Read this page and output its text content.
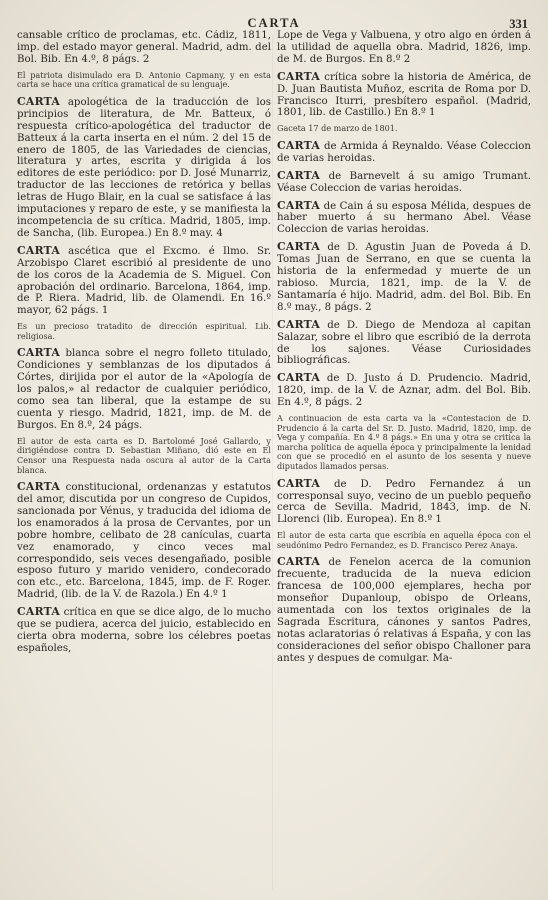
CARTA	331

cansable crítico de proclamas, etc. Cádiz, 1811, imp. del estado mayor general. Madrid, adm. del Bol. Bib. En 4.º, 8 págs. 2

El patriota disimulado era D. Antonio Capmany, y en esta carta se hace una crítica gramatical de su lenguaje.

CARTA apologética de la traducción de los principios de literatura, de Mr. Batteux, ó respuesta crítico-apologética del traductor de Batteux á la carta inserta en el núm. 2 del 15 de enero de 1805, de las Variedades de ciencias, literatura y artes, escrita y dirigida á los editores de este periódico: por D. José Munarriz, traductor de las lecciones de retórica y bellas letras de Hugo Blair, en la cual se satisface á las imputaciones y reparo de este, y se manifiesta la incompetencia de su crítica. Madrid, 1805, imp. de Sancha, (lib. Europea.) En 8.º may. 4

CARTA ascética que el Excmo. é Ilmo. Sr. Arzobispo Claret escribió al presidente de uno de los coros de la Academia de S. Miguel. Con aprobación del ordinario. Barcelona, 1864, imp. de P. Riera. Madrid, lib. de Olamendi. En 16.º mayor, 62 págs. 1

Es un precioso tratadito de dirección espiritual. Lib. religiosa.

CARTA blanca sobre el negro folleto titulado, Condiciones y semblanzas de los diputados á Córtes, dirijida por el autor de la «Apología de los palos,» al redactor de cualquier periódico, como sea tan liberal, que la estampe de su cuenta y riesgo. Madrid, 1821, imp. de M. de Burgos. En 8.º, 24 págs.

El autor de esta carta es D. Bartolomé José Gallardo, y dirigiéndose contra D. Sebastian Miñano, dió este en El Censor una Respuesta nada oscura al autor de la Carta blanca.

CARTA constitucional, ordenanzas y estatutos del amor, discutida por un congreso de Cupidos, sancionada por Vénus, y traducida del idioma de los enamorados á la prosa de Cervantes, por un pobre hombre, celibato de 28 canículas, cuarta vez enamorado, y cinco veces mal correspondido, seis veces desengañado, posible esposo futuro y marido venidero, condecorado con etc., etc. Barcelona, 1845, imp. de F. Roger. Madrid, (lib. de la V. de Razola.) En 4.º 1

CARTA crítica en que se dice algo, de lo mucho que se pudiera, acerca del juicio, establecido en cierta obra moderna, sobre los célebres poetas españoles,

Lope de Vega y Valbuena, y otro algo en órden á la utilidad de aquella obra. Madrid, 1826, imp. de M. de Burgos. En 8.º 2

CARTA crítica sobre la historia de América, de D. Juan Bautista Muñoz, escrita de Roma por D. Francisco Iturri, presbítero español. (Madrid, 1801, lib. de Castillo.) En 8.º 1

Gaceta 17 de marzo de 1801.

CARTA de Armida á Reynaldo. Véase Coleccion de varias heroidas.

CARTA de Barnevelt á su amigo Trumant. Véase Coleccion de varias heroidas.

CARTA de Cain á su esposa Mélida, despues de haber muerto á su hermano Abel. Véase Coleccion de varias heroidas.

CARTA de D. Agustin Juan de Poveda á D. Tomas Juan de Serrano, en que se cuenta la historia de la enfermedad y muerte de un rabioso. Murcia, 1821, imp. de la V. de Santamaría é hijo. Madrid, adm. del Bol. Bib. En 8.º may., 8 págs. 2

CARTA de D. Diego de Mendoza al capitan Salazar, sobre el libro que escribió de la derrota de los sajones. Véase Curiosidades bibliográficas.

CARTA de D. Justo á D. Prudencio. Madrid, 1820, imp. de la V. de Aznar, adm. del Bol. Bib. En 4.º, 8 págs. 2

A continuacion de esta carta va la «Contestacion de D. Prudencio á la carta del Sr. D. Justo. Madrid, 1820, imp. de Vega y compañía. En 4.º 8 págs.» En una y otra se critica la marcha política de aquella época y principalmente la lenidad con que se procedió en el asunto de los sesenta y nueve diputados llamados persas.

CARTA de D. Pedro Fernandez á un corresponsal suyo, vecino de un pueblo pequeño cerca de Sevilla. Madrid, 1843, imp. de N. Llorenci (lib. Europea). En 8.º 1

El autor de esta carta que escribía en aquella época con el seudónimo Pedro Fernandez, es D. Francisco Perez Anaya.

CARTA de Fenelon acerca de la comunion frecuente, traducida de la nueva edicion francesa de 100,000 ejemplares, hecha por monseñor Dupanloup, obispo de Orleans, aumentada con los textos originales de la Sagrada Escritura, cánones y santos Padres, notas aclaratorias ó relativas á España, y con las consideraciones del señor obispo Challoner para antes y despues de comulgar. Ma-
